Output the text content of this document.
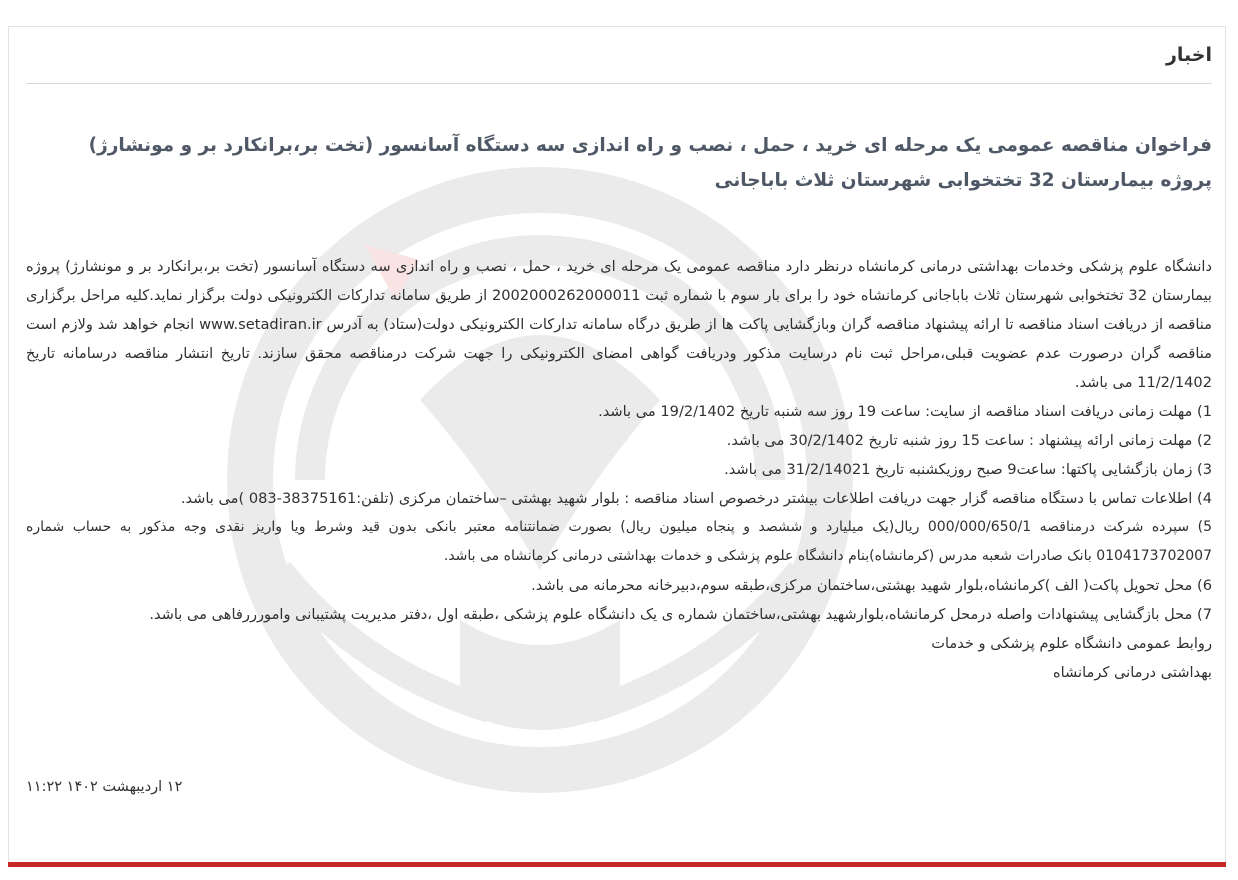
اخبار
فراخوان مناقصه عمومی یک مرحله ای خرید ، حمل ، نصب و راه اندازی سه دستگاه آسانسور (تخت بر،برانکارد بر و مونشارژ) پروژه بیمارستان 32 تختخوابی شهرستان ثلاث باباجانی

دانشگاه علوم پزشکی وخدمات بهداشتی درمانی کرمانشاه درنظر دارد مناقصه عمومی یک مرحله ای خرید ، حمل ، نصب و راه اندازی سه دستگاه آسانسور (تخت بر،برانکارد بر و مونشارژ) پروژه بیمارستان 32 تختخوابی شهرستان ثلاث باباجانی کرمانشاه خود را برای بار سوم با شماره ثبت 2002000262000011 از طریق سامانه تدارکات الکترونیکی دولت برگزار نماید.کلیه مراحل برگزاری مناقصه از دریافت اسناد مناقصه تا ارائه پیشنهاد مناقصه گران وبازگشایی پاکت ها از طریق درگاه سامانه تدارکات الکترونیکی دولت(ستاد) به آدرس www.setadiran.ir انجام خواهد شد ولازم است مناقصه گران درصورت عدم عضویت قبلی،مراحل ثبت نام درسایت مذکور ودریافت گواهی امضای الکترونیکی را جهت شرکت درمناقصه محقق سازند. تاریخ انتشار مناقصه درسامانه تاریخ 11/2/1402 می باشد.

1) مهلت زمانی دریافت اسناد مناقصه از سایت: ساعت 19 روز سه شنبه تاریخ 19/2/1402 می باشد.

2) مهلت زمانی ارائه پیشنهاد : ساعت 15 روز شنبه تاریخ 30/2/1402 می باشد.

3) زمان بازگشایی پاکتها: ساعت9 صبح روزیکشنبه تاریخ 31/2/14021 می باشد.

4) اطلاعات تماس با دستگاه مناقصه گزار جهت دریافت اطلاعات بیشتر درخصوص اسناد مناقصه : بلوار شهید بهشتی –ساختمان مرکزی (تلفن:38375161-083 )می باشد.

5) سپرده شرکت درمناقصه 000/000/650/1 ریال(یک میلیارد و ششصد و پنجاه میلیون ریال) بصورت ضمانتنامه معتبر بانکی بدون قید وشرط ویا واریز نقدی وجه مذکور به حساب شماره 0104173702007 بانک صادرات شعبه مدرس (کرمانشاه)بنام دانشگاه علوم پزشکی و خدمات بهداشتی درمانی کرمانشاه می باشد.

6) محل تحویل پاکت( الف )کرمانشاه،بلوار شهید بهشتی،ساختمان مرکزی،طبقه سوم،دبیرخانه محرمانه می باشد.

7) محل بازگشایی پیشنهادات واصله درمحل کرمانشاه،بلوارشهید بهشتی،ساختمان شماره ی یک دانشگاه علوم پزشکی ،طبقه اول ،دفتر مدیریت پشتیبانی وامورررفاهی می باشد.

روابط عمومی دانشگاه علوم پزشکی و خدمات

بهداشتی درمانی کرمانشاه

۱۲ اردیبهشت ۱۴۰۲ ۱۱:۲۲
